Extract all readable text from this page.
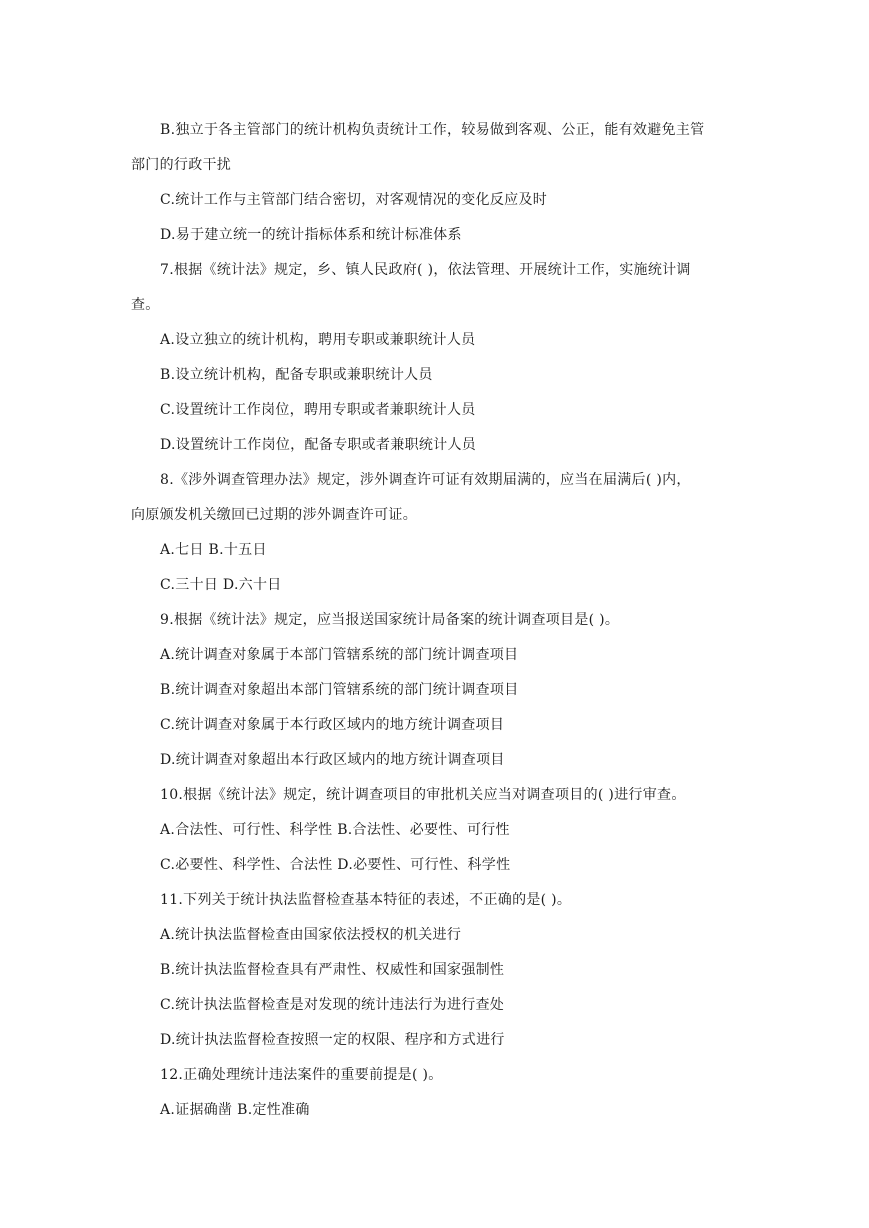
B.独立于各主管部门的统计机构负责统计工作，较易做到客观、公正，能有效避免主管
部门的行政干扰
C.统计工作与主管部门结合密切，对客观情况的变化反应及时
D.易于建立统一的统计指标体系和统计标准体系
7.根据《统计法》规定，乡、镇人民政府( )，依法管理、开展统计工作，实施统计调
查。
A.设立独立的统计机构，聘用专职或兼职统计人员
B.设立统计机构，配备专职或兼职统计人员
C.设置统计工作岗位，聘用专职或者兼职统计人员
D.设置统计工作岗位，配备专职或者兼职统计人员
8.《涉外调查管理办法》规定，涉外调查许可证有效期届满的，应当在届满后( )内，
向原颁发机关缴回已过期的涉外调查许可证。
A.七日 B.十五日
C.三十日 D.六十日
9.根据《统计法》规定，应当报送国家统计局备案的统计调查项目是( )。
A.统计调查对象属于本部门管辖系统的部门统计调查项目
B.统计调查对象超出本部门管辖系统的部门统计调查项目
C.统计调查对象属于本行政区域内的地方统计调查项目
D.统计调查对象超出本行政区域内的地方统计调查项目
10.根据《统计法》规定，统计调查项目的审批机关应当对调查项目的( )进行审查。
A.合法性、可行性、科学性 B.合法性、必要性、可行性
C.必要性、科学性、合法性 D.必要性、可行性、科学性
11.下列关于统计执法监督检查基本特征的表述，不正确的是( )。
A.统计执法监督检查由国家依法授权的机关进行
B.统计执法监督检查具有严肃性、权威性和国家强制性
C.统计执法监督检查是对发现的统计违法行为进行查处
D.统计执法监督检查按照一定的权限、程序和方式进行
12.正确处理统计违法案件的重要前提是( )。
A.证据确凿 B.定性准确
